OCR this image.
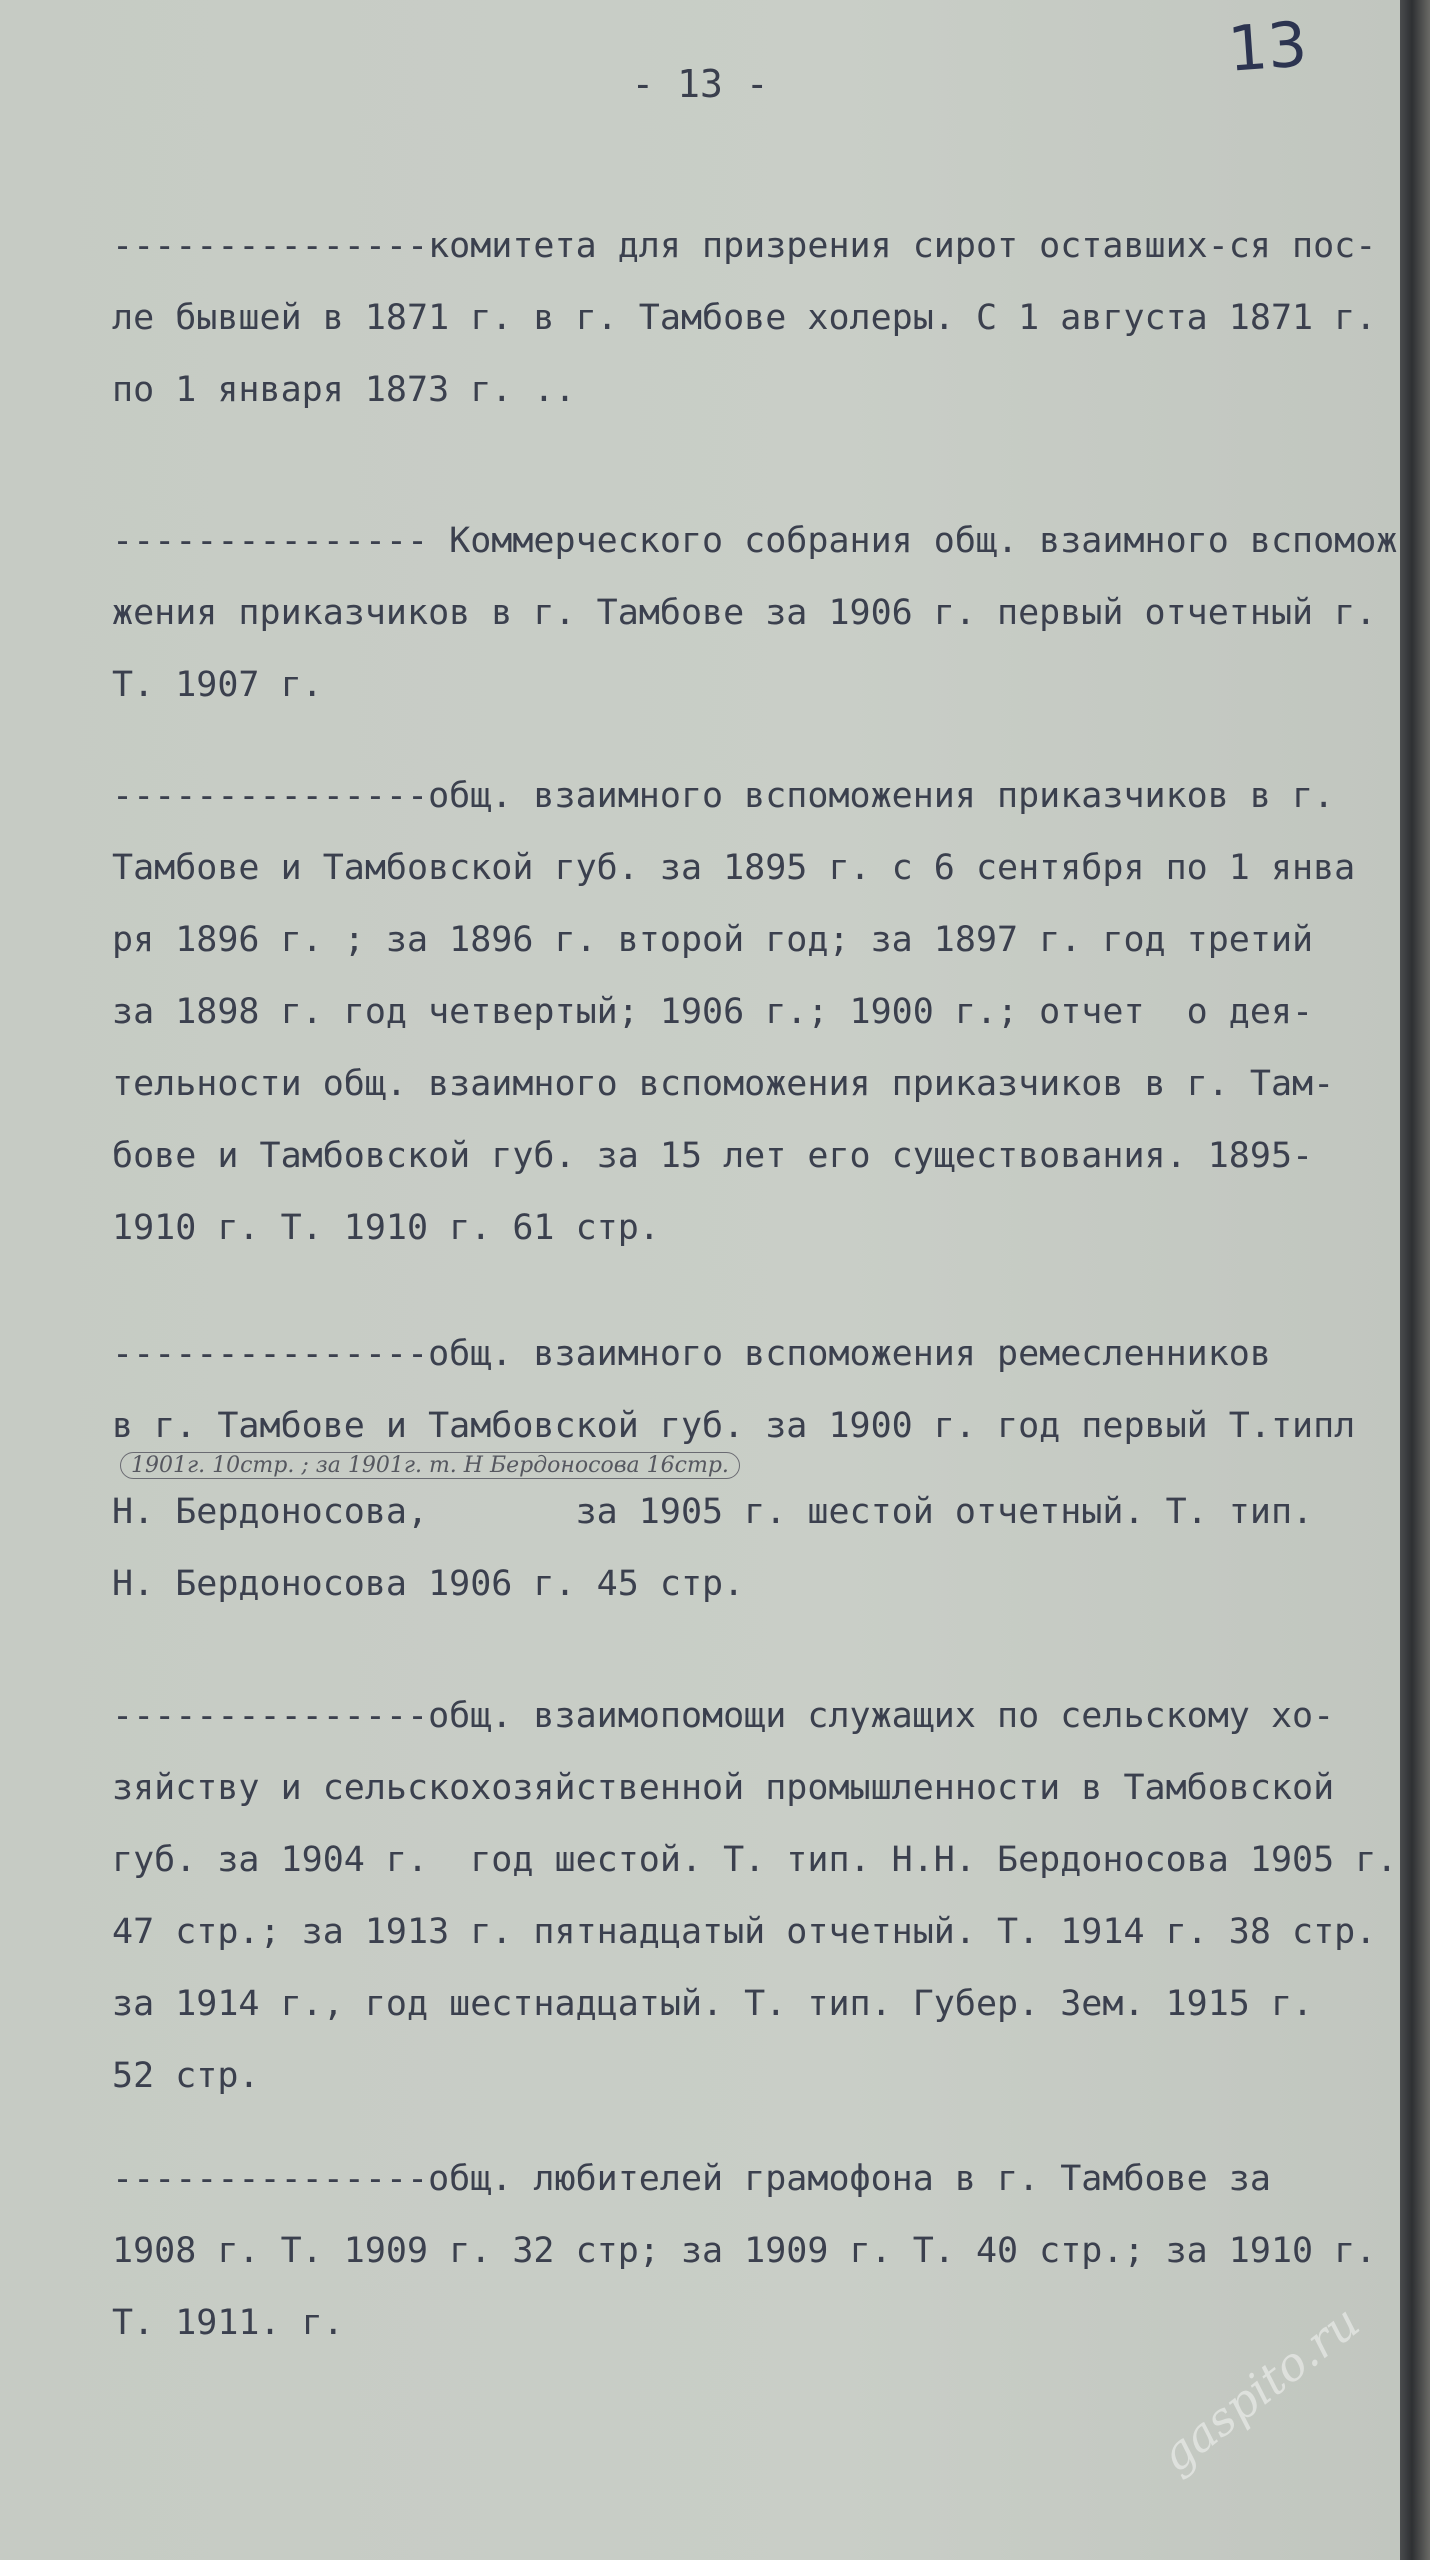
13
- 13 -
---------------комитета для призрения сирот оставших-ся пос-
ле бывшей в 1871 г. в г. Тамбове холеры. С 1 августа 1871 г.
по 1 января 1873 г. ..
--------------- Коммерческого собрания общ. взаимного вспомож
жения приказчиков в г. Тамбове за 1906 г. первый отчетный г.
Т. 1907 г.
---------------общ. взаимного вспоможения приказчиков в г.
Тамбове и Тамбовской губ. за 1895 г. с 6 сентября по 1 янва
ря 1896 г. ; за 1896 г. второй год; за 1897 г. год третий
за 1898 г. год четвертый; 1906 г.; 1900 г.; отчет  о дея-
тельности общ. взаимного вспоможения приказчиков в г. Там-
бове и Тамбовской губ. за 15 лет его существования. 1895-
1910 г. Т. 1910 г. 61 стр.
---------------общ. взаимного вспоможения ремесленников
в г. Тамбове и Тамбовской губ. за 1900 г. год первый Т.типл
1901г. 10стр. ; за 1901г. т. Н Бердоносова 16стр.
Н. Бердоносова,       за 1905 г. шестой отчетный. Т. тип.
Н. Бердоносова 1906 г. 45 стр.
---------------общ. взаимопомощи служащих по сельскому хо-
зяйству и сельскохозяйственной промышленности в Тамбовской
губ. за 1904 г.  год шестой. Т. тип. Н.Н. Бердоносова 1905 г.
47 стр.; за 1913 г. пятнадцатый отчетный. Т. 1914 г. 38 стр.
за 1914 г., год шестнадцатый. Т. тип. Губер. Зем. 1915 г.
52 стр.
---------------общ. любителей грамофона в г. Тамбове за
1908 г. Т. 1909 г. 32 стр; за 1909 г. Т. 40 стр.; за 1910 г.
Т. 1911. г.	gaspito.ru
